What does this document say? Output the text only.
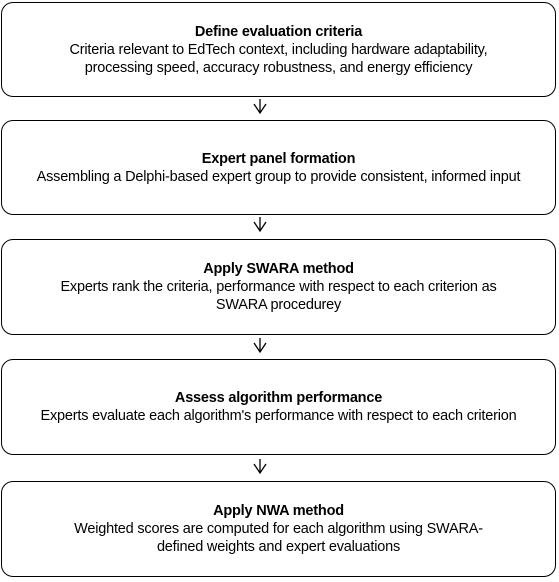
Define evaluation criteria
Criteria relevant to EdTech context, including hardware adaptability, processing speed, accuracy robustness, and energy efficiency
Expert panel formation
Assembling a Delphi-based expert group to provide consistent, informed input
Apply SWARA method
Experts rank the criteria, performance with respect to each criterion as SWARA procedurey
Assess algorithm performance
Experts evaluate each algorithm's performance with respect to each criterion
Apply NWA method
Weighted scores are computed for each algorithm using SWARA-defined weights and expert evaluations
